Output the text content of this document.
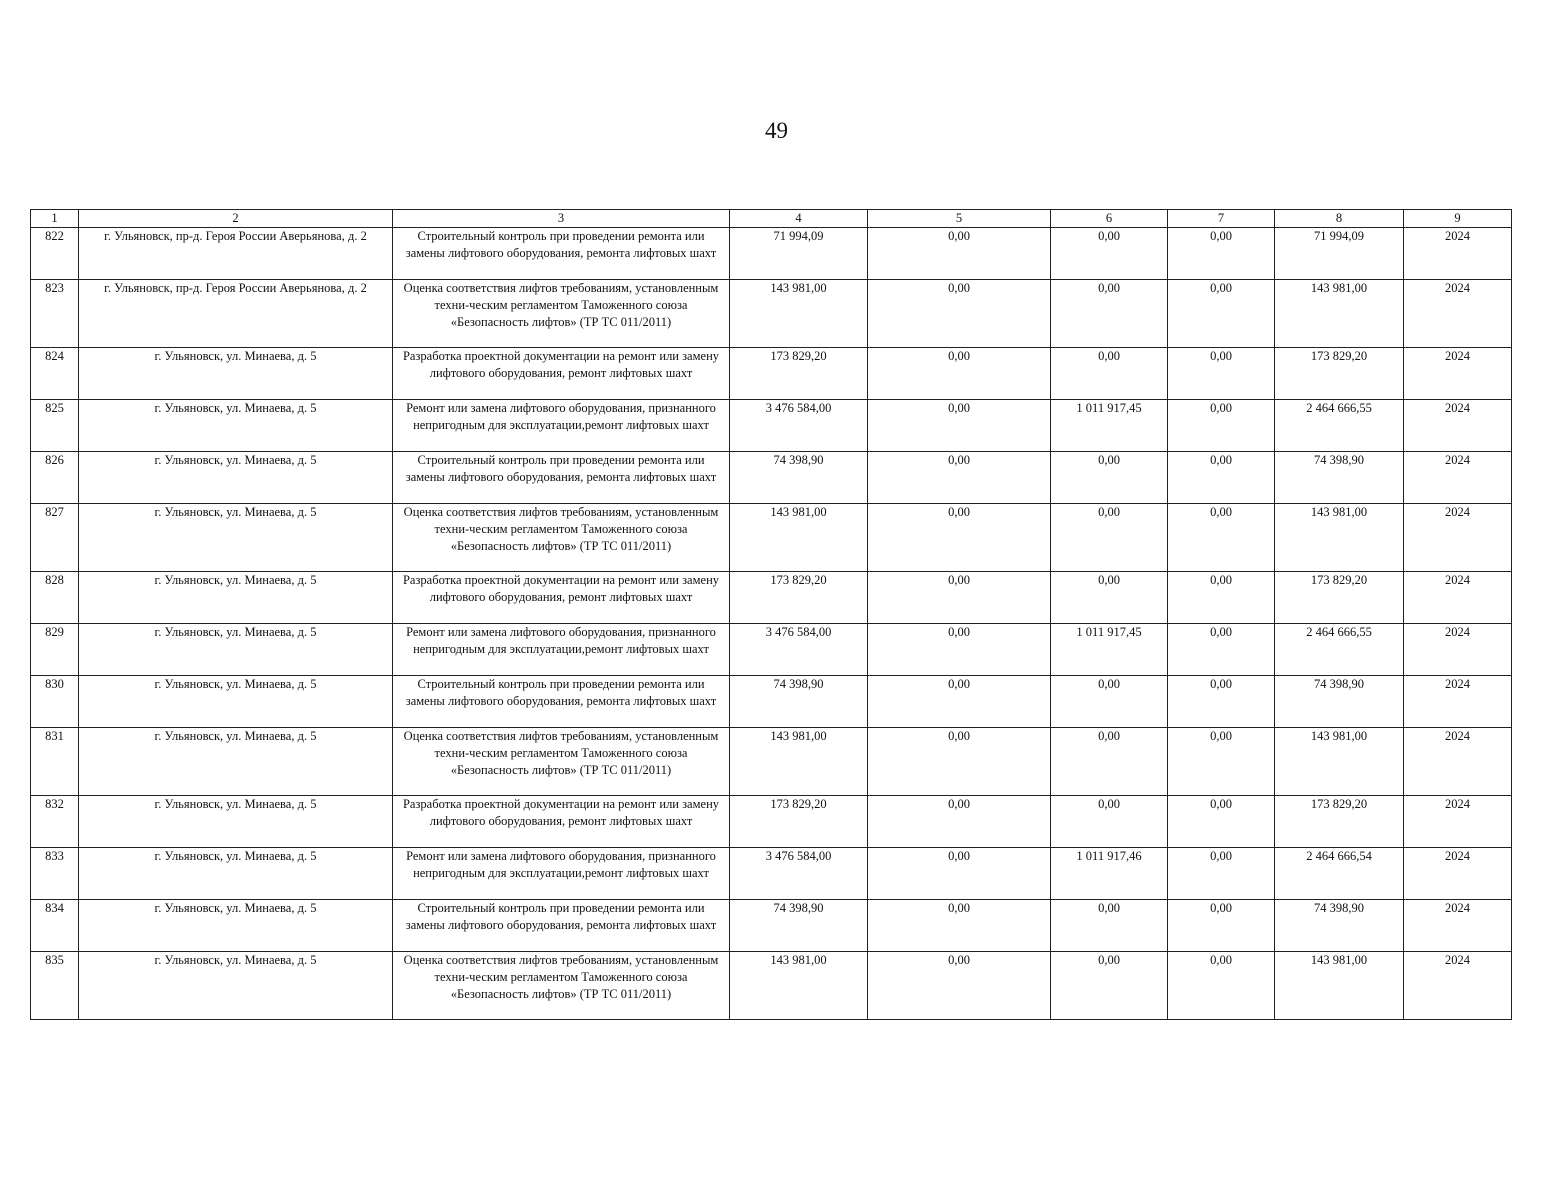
49
1	2	3	4	5	6	7	8	9
822	г. Ульяновск, пр-д. Героя России Аверьянова, д. 2	Строительный контроль при проведении ремонта или замены лифтового оборудования, ремонта лифтовых шахт	71 994,09	0,00	0,00	0,00	71 994,09	2024
823	г. Ульяновск, пр-д. Героя России Аверьянова, д. 2	Оценка соответствия лифтов требованиям, установленным техни-ческим регламентом Таможенного союза «Безопасность лифтов» (ТР ТС 011/2011)	143 981,00	0,00	0,00	0,00	143 981,00	2024
824	г. Ульяновск, ул. Минаева, д. 5	Разработка проектной документации на ремонт или замену лифтового оборудования, ремонт лифтовых шахт	173 829,20	0,00	0,00	0,00	173 829,20	2024
825	г. Ульяновск, ул. Минаева, д. 5	Ремонт или замена лифтового оборудования, признанного непригодным для эксплуатации,ремонт лифтовых шахт	3 476 584,00	0,00	1 011 917,45	0,00	2 464 666,55	2024
826	г. Ульяновск, ул. Минаева, д. 5	Строительный контроль при проведении ремонта или замены лифтового оборудования, ремонта лифтовых шахт	74 398,90	0,00	0,00	0,00	74 398,90	2024
827	г. Ульяновск, ул. Минаева, д. 5	Оценка соответствия лифтов требованиям, установленным техни-ческим регламентом Таможенного союза «Безопасность лифтов» (ТР ТС 011/2011)	143 981,00	0,00	0,00	0,00	143 981,00	2024
828	г. Ульяновск, ул. Минаева, д. 5	Разработка проектной документации на ремонт или замену лифтового оборудования, ремонт лифтовых шахт	173 829,20	0,00	0,00	0,00	173 829,20	2024
829	г. Ульяновск, ул. Минаева, д. 5	Ремонт или замена лифтового оборудования, признанного непригодным для эксплуатации,ремонт лифтовых шахт	3 476 584,00	0,00	1 011 917,45	0,00	2 464 666,55	2024
830	г. Ульяновск, ул. Минаева, д. 5	Строительный контроль при проведении ремонта или замены лифтового оборудования, ремонта лифтовых шахт	74 398,90	0,00	0,00	0,00	74 398,90	2024
831	г. Ульяновск, ул. Минаева, д. 5	Оценка соответствия лифтов требованиям, установленным техни-ческим регламентом Таможенного союза «Безопасность лифтов» (ТР ТС 011/2011)	143 981,00	0,00	0,00	0,00	143 981,00	2024
832	г. Ульяновск, ул. Минаева, д. 5	Разработка проектной документации на ремонт или замену лифтового оборудования, ремонт лифтовых шахт	173 829,20	0,00	0,00	0,00	173 829,20	2024
833	г. Ульяновск, ул. Минаева, д. 5	Ремонт или замена лифтового оборудования, признанного непригодным для эксплуатации,ремонт лифтовых шахт	3 476 584,00	0,00	1 011 917,46	0,00	2 464 666,54	2024
834	г. Ульяновск, ул. Минаева, д. 5	Строительный контроль при проведении ремонта или замены лифтового оборудования, ремонта лифтовых шахт	74 398,90	0,00	0,00	0,00	74 398,90	2024
835	г. Ульяновск, ул. Минаева, д. 5	Оценка соответствия лифтов требованиям, установленным техни-ческим регламентом Таможенного союза «Безопасность лифтов» (ТР ТС 011/2011)	143 981,00	0,00	0,00	0,00	143 981,00	2024
